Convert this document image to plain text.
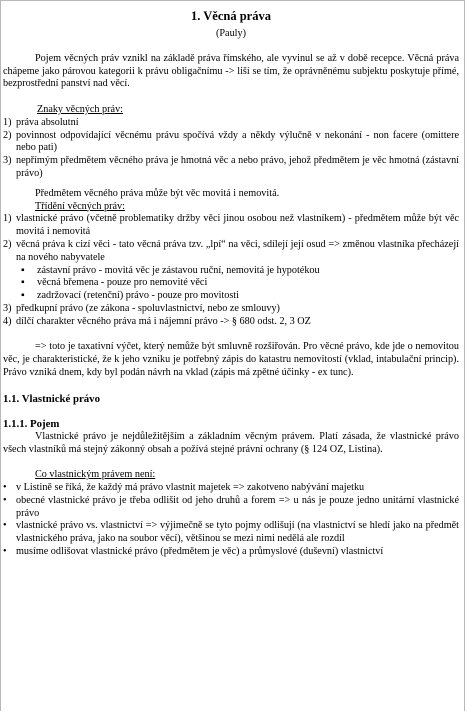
1. Věcná práva
(Pauly)

Pojem věcných práv vznikl na základě práva římského, ale vyvinul se až v době recepce. Věcná práva chápeme jako párovou kategorii k právu obligačnímu -> liší se tím, že oprávněnému subjektu poskytuje přímé, bezprostřední panství nad věcí.

Znaky věcných práv:
1) práva absolutní
2) povinnost odpovídající věcnému právu spočívá vždy a někdy výlučně v nekonání - non facere (omittere nebo pati)
3) nepřímým předmětem věcného práva je hmotná věc a nebo právo, jehož předmětem je věc hmotná (zástavní právo)

Předmětem věcného práva může být věc movitá i nemovitá.

Třídění věcných práv:
1) vlastnické právo (včetně problematiky držby věci jinou osobou než vlastníkem) - předmětem může být věc movitá i nemovitá
2) věcná práva k cizí věci - tato věcná práva tzv. „lpí“ na věci, sdílejí její osud => změnou vlastníka přecházejí na nového nabyvatele
▪	zástavní právo - movitá věc je zástavou ruční, nemovitá je hypotékou
▪	věcná břemena - pouze pro nemovité věci
▪	zadržovací (retenční) právo - pouze pro movitosti
3) předkupní právo (ze zákona - spoluvlastnictví, nebo ze smlouvy)
4) dílčí charakter věcného práva má i nájemní právo -> § 680 odst. 2, 3 OZ

=> toto je taxativní výčet, který nemůže být smluvně rozšiřován. Pro věcné právo, kde jde o nemovitou věc, je charakteristické, že k jeho vzniku je potřebný zápis do katastru nemovitostí (vklad, intabulační princip). Právo vzniká dnem, kdy byl podán návrh na vklad (zápis má zpětné účinky - ex tunc).

1.1. Vlastnické právo
1.1.1. Pojem

Vlastnické právo je nejdůležitějším a základním věcným právem. Platí zásada, že vlastnické právo všech vlastníků má stejný zákonný obsah a požívá stejné právní ochrany (§ 124 OZ, Listina).

Co vlastnickým právem není:
• v Listině se říká, že každý má právo vlastnit majetek => zakotveno nabývání majetku
• obecné vlastnické právo je třeba odlišit od jeho druhů a forem => u nás je pouze jedno unitární vlastnické právo
• vlastnické právo vs. vlastnictví => výjimečně se tyto pojmy odlišují (na vlastnictví se hledí jako na předmět vlastnického práva, jako na soubor věcí), většinou se mezi nimi nedělá ale rozdíl
• musíme odlišovat vlastnické právo (předmětem je věc) a průmyslové (duševní) vlastnictví
